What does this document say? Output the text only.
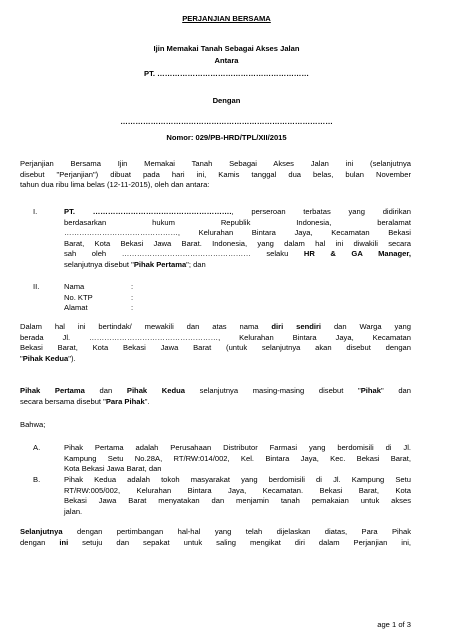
PERJANJIAN BERSAMA
Ijin Memakai Tanah Sebagai Akses Jalan
Antara
PT. ……………………………………………………
Dengan
…………………………………………………………………………
Nomor: 029/PB-HRD/TPL/XII/2015
Perjanjian Bersama Ijin Memakai Tanah Sebagai Akses Jalan ini (selanjutnya
disebut "Perjanjian") dibuat pada hari ini, Kamis tanggal dua belas, bulan November
tahun dua ribu lima belas (12-11-2015), oleh dan antara:
I.	PT. ………………………………………………., perseroan terbatas yang didirikan
berdasarkan hukum Republik Indonesia, beralamat
………………………………………, Kelurahan Bintara Jaya, Kecamatan Bekasi
Barat, Kota Bekasi Jawa Barat. Indonesia, yang dalam hal ini diwakili secara
sah oleh …………………………………………… selaku HR & GA Manager,
selanjutnya disebut "Pihak Pertama"; dan
II.	Nama	:
No. KTP	:
Alamat	:
Dalam hal ini bertindak/ mewakili dan atas nama diri sendiri dan Warga yang
berada Jl. ……………………………………………, Kelurahan Bintara Jaya, Kecamatan
Bekasi Barat, Kota Bekasi Jawa Barat (untuk selanjutnya akan disebut dengan
"Pihak Kedua").
Pihak Pertama dan Pihak Kedua selanjutnya masing-masing disebut "Pihak" dan
secara bersama disebut "Para Pihak".
Bahwa;
A.	Pihak Pertama adalah Perusahaan Distributor Farmasi yang berdomisili di Jl.
Kampung Setu No.28A, RT/RW:014/002, Kel. Bintara Jaya, Kec. Bekasi Barat,
Kota Bekasi Jawa Barat, dan
B.	Pihak Kedua adalah tokoh masyarakat yang berdomisili di Jl. Kampung Setu
RT/RW:005/002, Kelurahan Bintara Jaya, Kecamatan. Bekasi Barat, Kota
Bekasi Jawa Barat menyatakan dan menjamin tanah pemakaian untuk akses
jalan.
Selanjutnya dengan pertimbangan hal-hal yang telah dijelaskan diatas, Para Pihak
dengan ini setuju dan sepakat untuk saling mengikat diri dalam Perjanjian ini,
age 1 of 3
